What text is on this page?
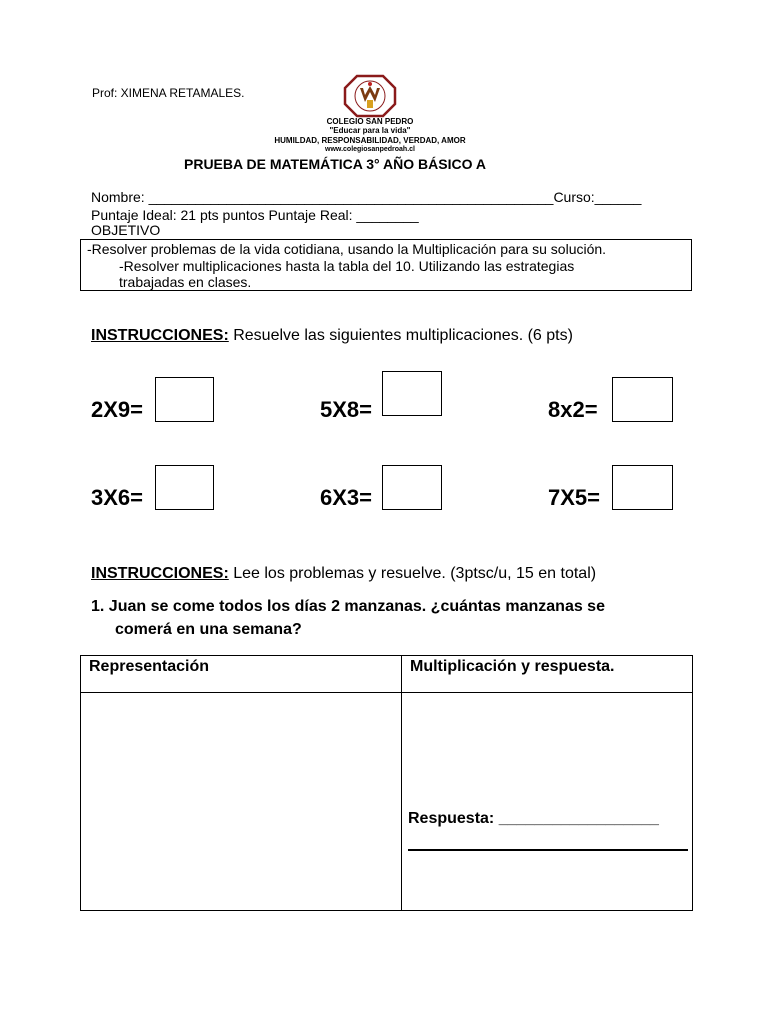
Prof: XIMENA RETAMALES.
COLEGIO SAN PEDRO
"Educar para la vida"
HUMILDAD, RESPONSABILIDAD, VERDAD, AMOR
www.colegiosanpedroah.cl
PRUEBA DE MATEMÁTICA 3° AÑO BÁSICO A
Nombre: ____________________________________________________Curso:______
Puntaje Ideal: 21 pts puntos Puntaje Real: ________
OBJETIVO
-Resolver problemas de la vida cotidiana, usando la Multiplicación para su solución.
-Resolver multiplicaciones hasta la tabla del 10. Utilizando las estrategias
trabajadas en clases.
INSTRUCCIONES: Resuelve las siguientes multiplicaciones. (6 pts)
2X9=	5X8=	8x2=
3X6=	6X3=	7X5=
INSTRUCCIONES: Lee los problemas y resuelve. (3ptsc/u, 15 en total)
1. Juan se come todos los días 2 manzanas. ¿cuántas manzanas se
comerá en una semana?
Representación	Multiplicación y respuesta.

	Respuesta: __________________
